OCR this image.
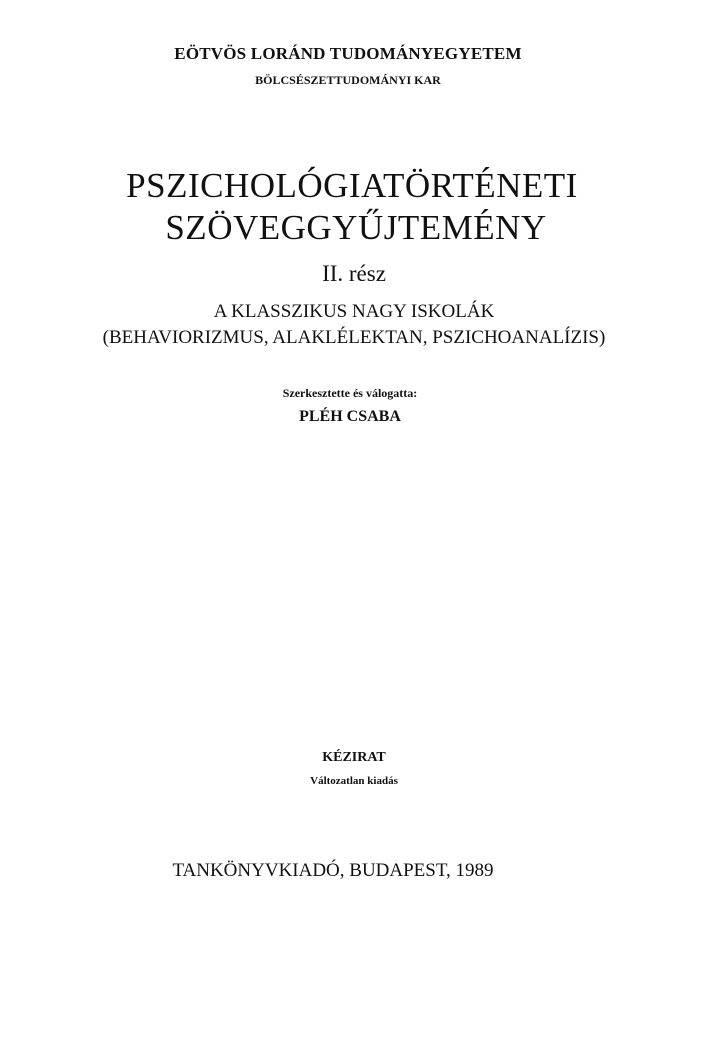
EÖTVÖS LORÁND TUDOMÁNYEGYETEM

BÖLCSÉSZETTUDOMÁNYI KAR

PSZICHOLÓGIATÖRTÉNETI
SZÖVEGGYŰJTEMÉNY

II. rész

A KLASSZIKUS NAGY ISKOLÁK

(BEHAVIORIZMUS, ALAKLÉLEKTAN, PSZICHOANALÍZIS)

Szerkesztette és válogatta:

PLÉH CSABA

KÉZIRAT

Változatlan kiadás

TANKÖNYVKIADÓ, BUDAPEST, 1989
